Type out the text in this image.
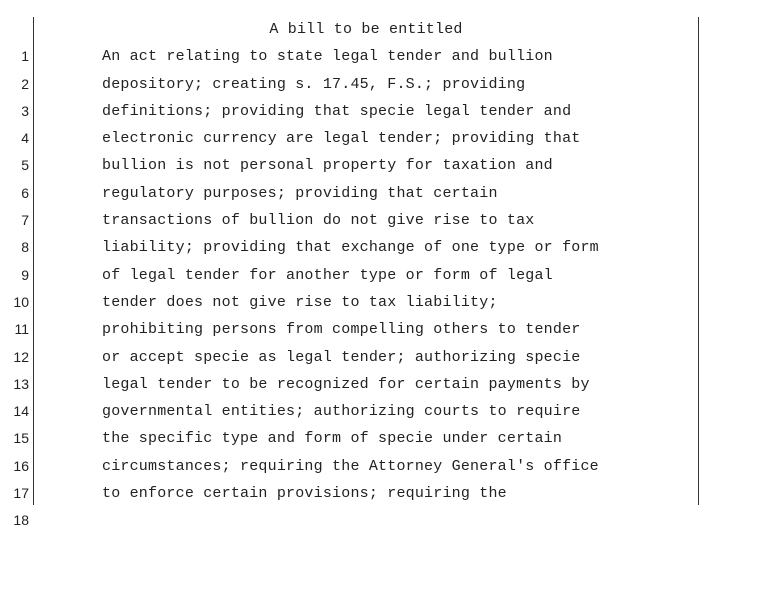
1

A bill to be entitled

2

An act relating to state legal tender and bullion

3

depository; creating s. 17.45, F.S.; providing

4

definitions; providing that specie legal tender and

5

electronic currency are legal tender; providing that

6

bullion is not personal property for taxation and

7

regulatory purposes; providing that certain

8

transactions of bullion do not give rise to tax

9

liability; providing that exchange of one type or form

10

of legal tender for another type or form of legal

11

tender does not give rise to tax liability;

12

prohibiting persons from compelling others to tender

13

or accept specie as legal tender; authorizing specie

14

legal tender to be recognized for certain payments by

15

governmental entities; authorizing courts to require

16

the specific type and form of specie under certain

17

circumstances; requiring the Attorney General's office

18

to enforce certain provisions; requiring the
